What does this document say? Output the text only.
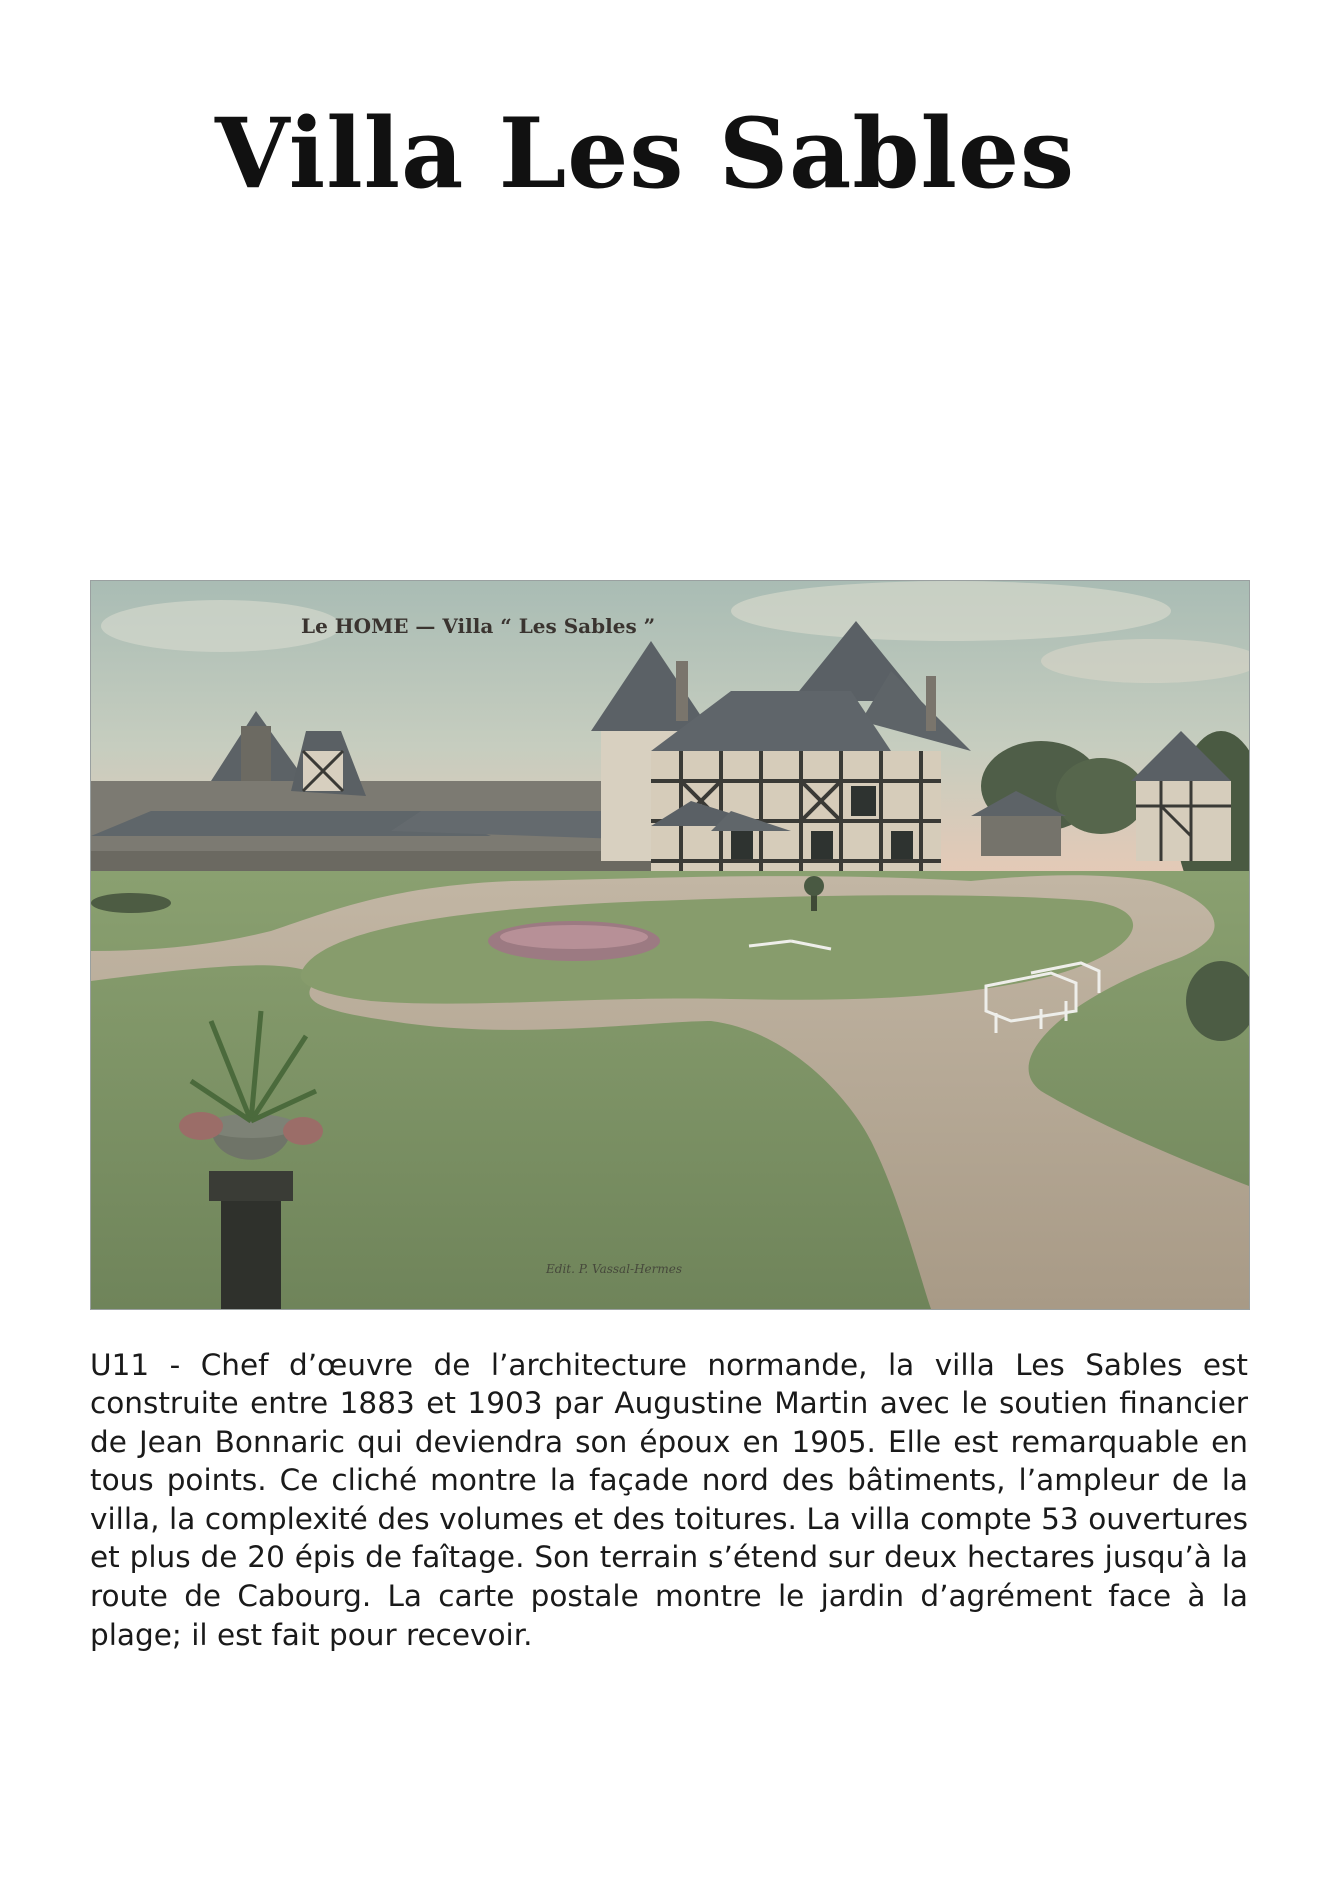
Villa Les Sables
Le HOME — Villa “ Les Sables ”
Edit. P. Vassal-Hermes

U11 - Chef d’œuvre de l’architecture normande, la villa Les Sables est construite entre 1883 et 1903 par Augustine Martin avec le soutien financier de Jean Bonnaric qui deviendra son époux en 1905. Elle est remarquable en tous points. Ce cliché montre la façade nord des bâtiments, l’ampleur de la villa, la complexité des volumes et des toitures. La villa compte 53 ouvertures et plus de 20 épis de faîtage. Son terrain s’étend sur deux hectares jusqu’à la route de Cabourg. La carte postale montre le jardin d’agrément face à la plage; il est fait pour recevoir.
